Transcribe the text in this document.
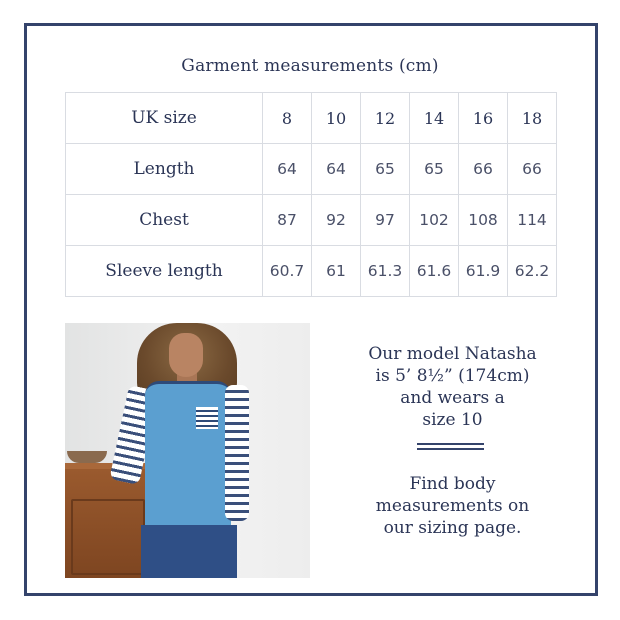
Garment measurements (cm)
UK size	8	10	12	14	16	18
Length	64	64	65	65	66	66
Chest	87	92	97	102	108	114
Sleeve length	60.7	61	61.3	61.6	61.9	62.2
Our model Natasha
is 5’ 8½” (174cm)
and wears a
size 10
Find body
measurements on
our sizing page.
